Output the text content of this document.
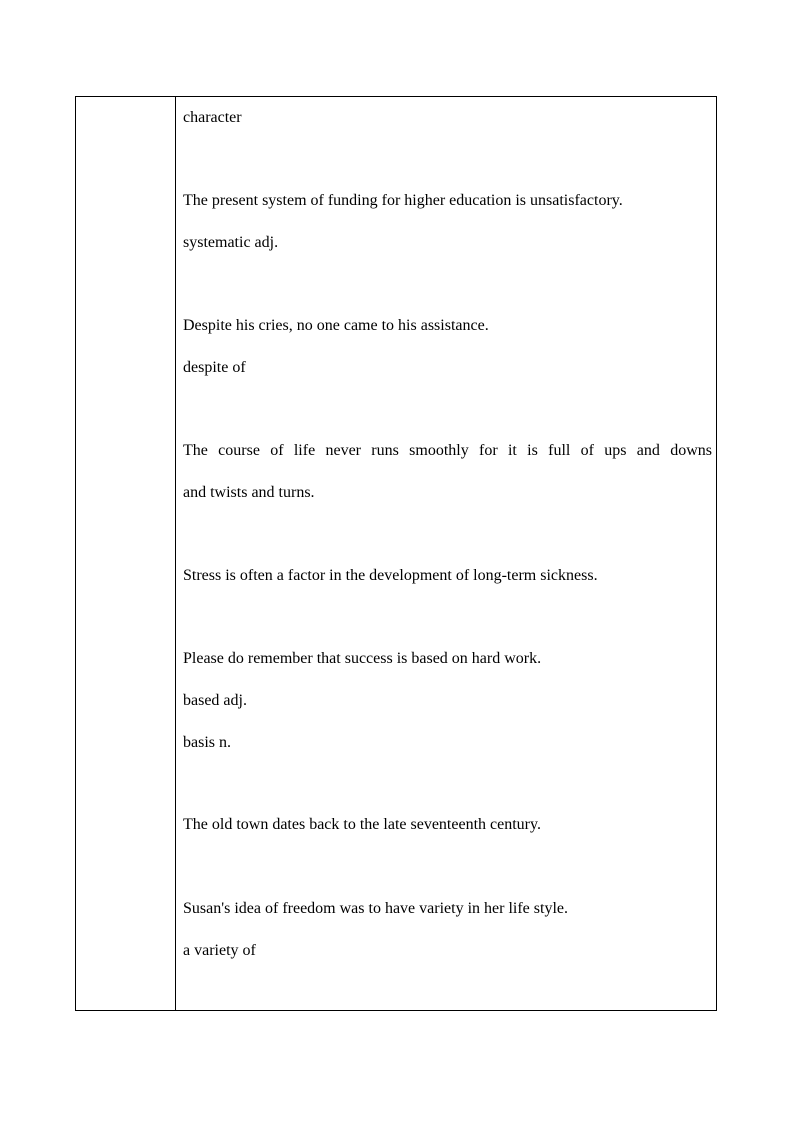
character
The present system of funding for higher education is unsatisfactory.
systematic adj.
Despite his cries, no one came to his assistance.
despite of
The course of life never runs smoothly for it is full of ups and downs
and twists and turns.
Stress is often a factor in the development of long-term sickness.
Please do remember that success is based on hard work.
based adj.
basis n.
The old town dates back to the late seventeenth century.
Susan's idea of freedom was to have variety in her life style.
a variety of
